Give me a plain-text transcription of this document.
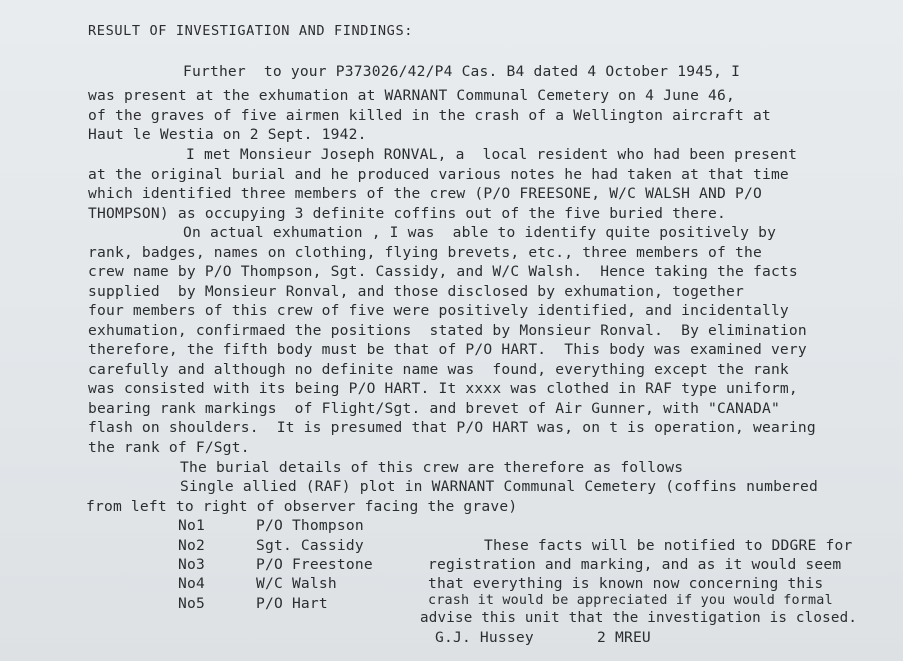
RESULT OF INVESTIGATION AND FINDINGS:
Further  to your P373026/42/P4 Cas. B4 dated 4 October 1945, I
was present at the exhumation at WARNANT Communal Cemetery on 4 June 46,
of the graves of five airmen killed in the crash of a Wellington aircraft at
Haut le Westia on 2 Sept. 1942.
I met Monsieur Joseph RONVAL, a  local resident who had been present
at the original burial and he produced various notes he had taken at that time
which identified three members of the crew (P/O FREESONE, W/C WALSH AND P/O
THOMPSON) as occupying 3 definite coffins out of the five buried there.
On actual exhumation , I was  able to identify quite positively by
rank, badges, names on clothing, flying brevets, etc., three members of the
crew name by P/O Thompson, Sgt. Cassidy, and W/C Walsh.  Hence taking the facts
supplied  by Monsieur Ronval, and those disclosed by exhumation, together
four members of this crew of five were positively identified, and incidentally
exhumation, confirmaed the positions  stated by Monsieur Ronval.  By elimination
therefore, the fifth body must be that of P/O HART.  This body was examined very
carefully and although no definite name was  found, everything except the rank
was consisted with its being P/O HART. It xxxx was clothed in RAF type uniform,
bearing rank markings  of Flight/Sgt. and brevet of Air Gunner, with "CANADA"
flash on shoulders.  It is presumed that P/O HART was, on t is operation, wearing
the rank of F/Sgt.
The burial details of this crew are therefore as follows
Single allied (RAF) plot in WARNANT Communal Cemetery (coffins numbered
from left to right of observer facing the grave)
No1	P/O Thompson
No2	Sgt. Cassidy
No3	P/O Freestone
No4	W/C Walsh
No5	P/O Hart
These facts will be notified to DDGRE for
registration and marking, and as it would seem
that everything is known now concerning this
crash it would be appreciated if you would formal
advise this unit that the investigation is closed.
G.J. Hussey	2 MREU
